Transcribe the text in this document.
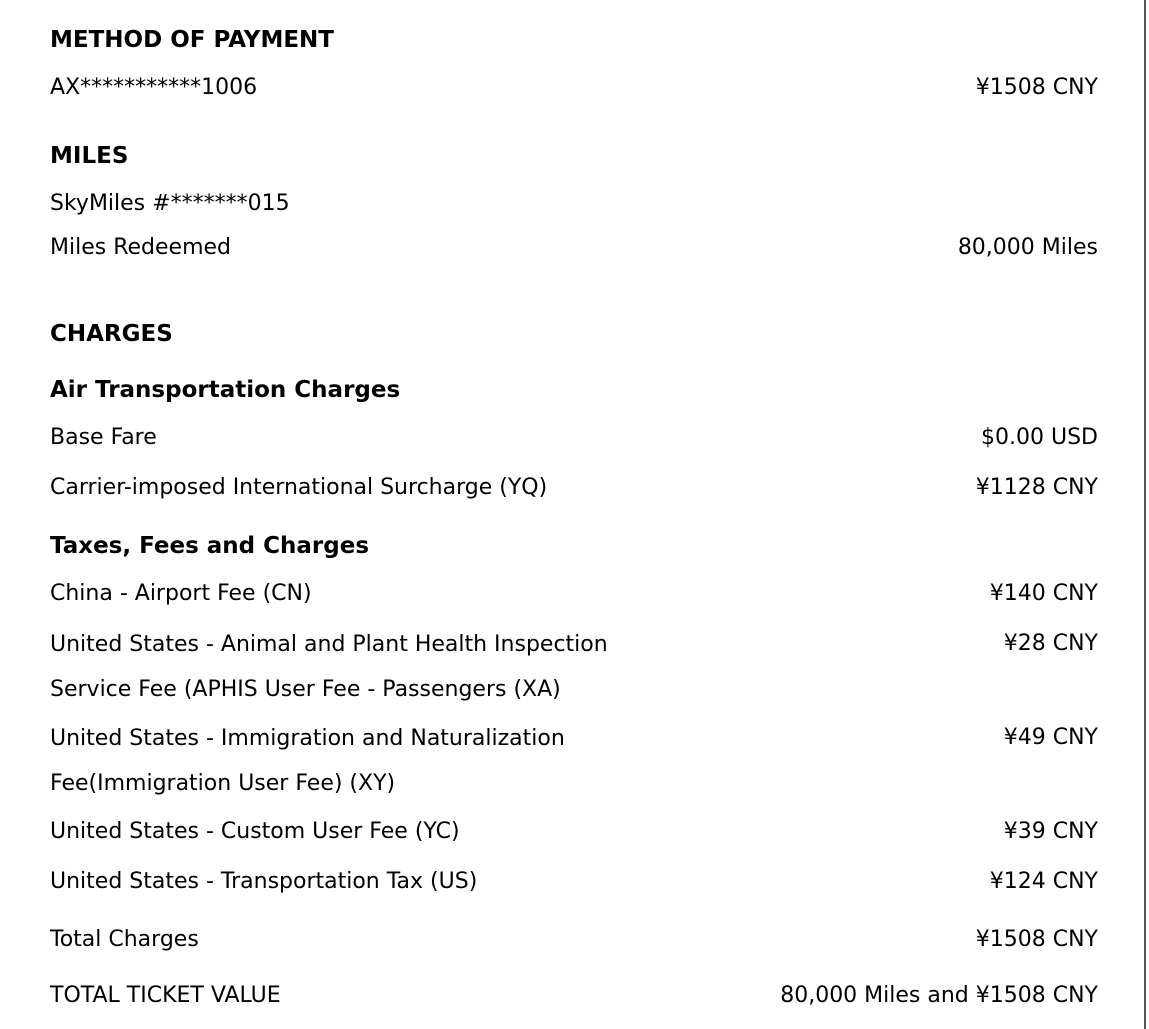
METHOD OF PAYMENT
AX***********1006	¥1508 CNY
MILES
SkyMiles #*******015
Miles Redeemed	80,000 Miles
CHARGES
Air Transportation Charges
Base Fare	$0.00 USD
Carrier-imposed International Surcharge (YQ)	¥1128 CNY
Taxes, Fees and Charges
China - Airport Fee (CN)	¥140 CNY
United States - Animal and Plant Health Inspection Service Fee (APHIS User Fee - Passengers (XA)
¥28 CNY
United States - Immigration and Naturalization Fee(Immigration User Fee) (XY)
¥49 CNY
United States - Custom User Fee (YC)	¥39 CNY
United States - Transportation Tax (US)	¥124 CNY
Total Charges	¥1508 CNY
TOTAL TICKET VALUE	80,000 Miles and ¥1508 CNY
